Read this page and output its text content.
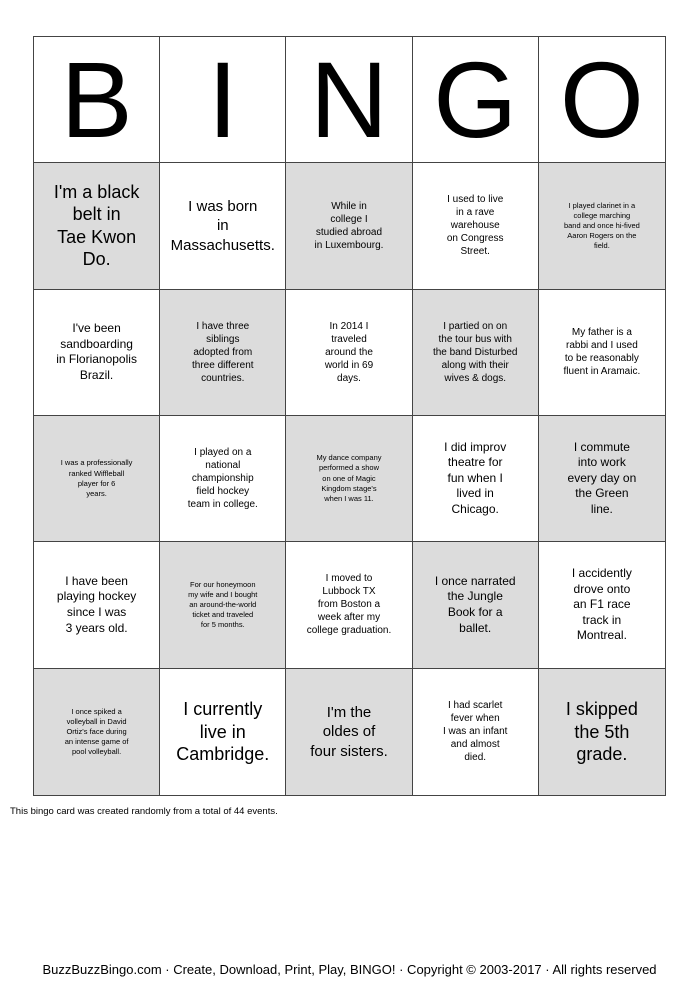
B I N G O
I'm a black
belt in
Tae Kwon
Do.
I was born
in
Massachusetts.
While in
college I
studied abroad
in Luxembourg.
I used to live
in a rave
warehouse
on Congress
Street.
I played clarinet in a
college marching
band and once hi-fived
Aaron Rogers on the
field.
I've been
sandboarding
in Florianopolis
Brazil.
I have three
siblings
adopted from
three different
countries.
In 2014 I
traveled
around the
world in 69
days.
I partied on on
the tour bus with
the band Disturbed
along with their
wives & dogs.
My father is a
rabbi and I used
to be reasonably
fluent in Aramaic.
I was a professionally
ranked Wiffleball
player for 6
years.
I played on a
national
championship
field hockey
team in college.
My dance company
performed a show
on one of Magic
Kingdom stage's
when I was 11.
I did improv
theatre for
fun when I
lived in
Chicago.
I commute
into work
every day on
the Green
line.
I have been
playing hockey
since I was
3 years old.
For our honeymoon
my wife and I bought
an around-the-world
ticket and traveled
for 5 months.
I moved to
Lubbock TX
from Boston a
week after my
college graduation.
I once narrated
the Jungle
Book for a
ballet.
I accidently
drove onto
an F1 race
track in
Montreal.
I once spiked a
volleyball in David
Ortiz's face during
an intense game of
pool volleyball.
I currently
live in
Cambridge.
I'm the
oldes of
four sisters.
I had scarlet
fever when
I was an infant
and almost
died.
I skipped
the 5th
grade.
This bingo card was created randomly from a total of 44 events.
BuzzBuzzBingo.com · Create, Download, Print, Play, BINGO! · Copyright © 2003-2017 · All rights reserved
